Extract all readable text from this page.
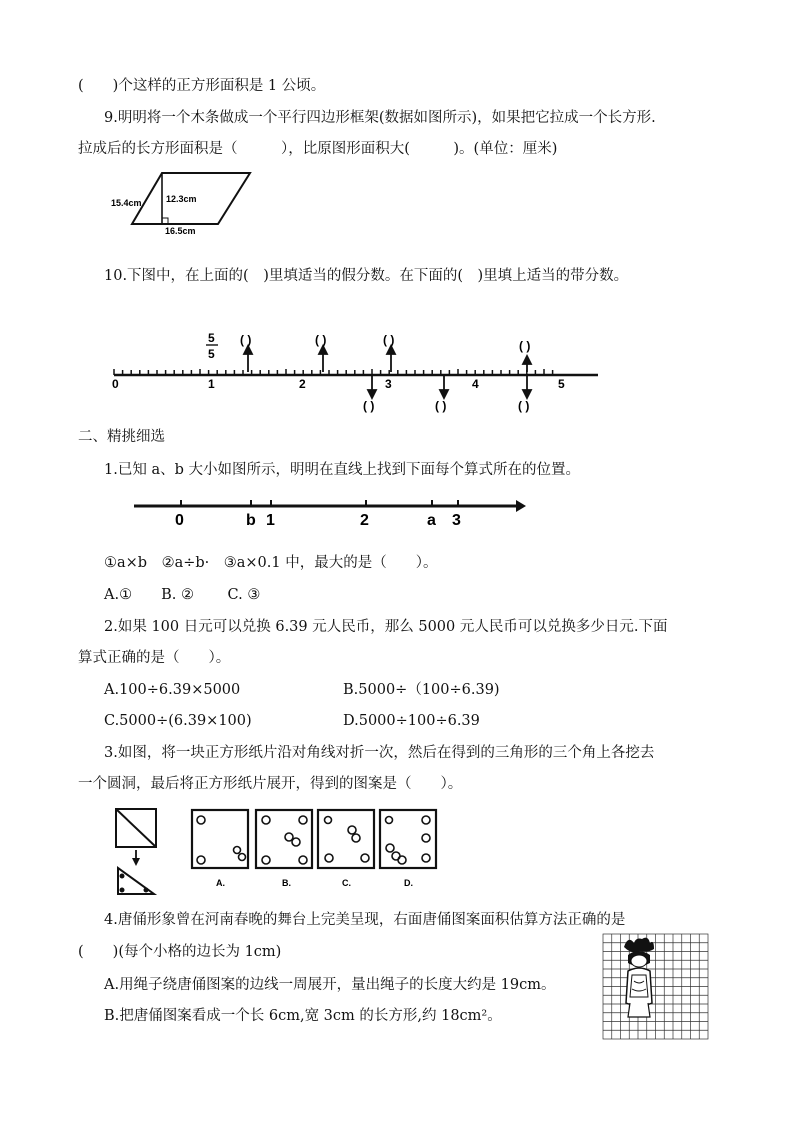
(　　)个这样的正方形面积是 1 公顷。
9.明明将一个木条做成一个平行四边形框架(数据如图所示)，如果把它拉成一个长方形.
拉成后的长方形面积是（　　　），比原图形面积大(　　　)。(单位：厘米)
15.4cm	12.3cm
16.5cm
10.下图中，在上面的(　)里填适当的假分数。在下面的(　)里填上适当的带分数。
0	1	2	3	4	5
5
5
( )	( )	( )	( )
( )	( )	( )
二、精挑细选
1.已知 a、b 大小如图所示，明明在直线上找到下面每个算式所在的位置。
0	b 1	2	a 3
①a×b　②a÷b·　③a×0.1 中，最大的是（　　）。
A.①　　B. ②　　 C. ③
2.如果 100 日元可以兑换 6.39 元人民币，那么 5000 元人民币可以兑换多少日元.下面
算式正确的是（　　）。
A.100÷6.39×5000	B.5000÷（100÷6.39)
C.5000÷(6.39×100)	D.5000÷100÷6.39
3.如图，将一块正方形纸片沿对角线对折一次，然后在得到的三角形的三个角上各挖去
一个圆洞，最后将正方形纸片展开，得到的图案是（　　）。
A.	B.	C.	D.
4.唐俑形象曾在河南春晚的舞台上完美呈现，右面唐俑图案面积估算方法正确的是
(　　)(每个小格的边长为 1cm)
A.用绳子绕唐俑图案的边线一周展开，量出绳子的长度大约是 19cm。
B.把唐俑图案看成一个长 6cm,宽 3cm 的长方形,约 18cm²。
